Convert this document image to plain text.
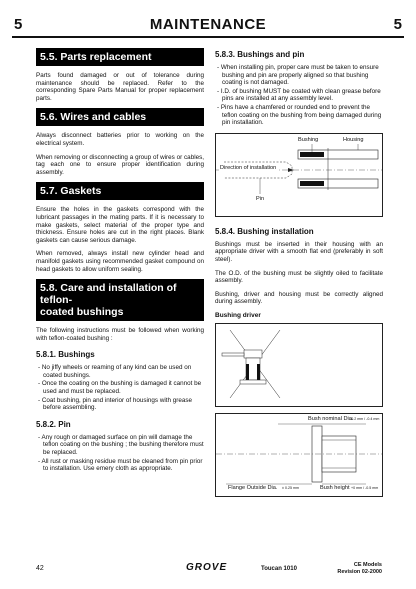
5	MAINTENANCE	5
5.5. Parts replacement

Parts found damaged or out of tolerance during maintenance should be replaced. Refer to the corresponding Spare Parts Manual for proper replacement parts.

5.6. Wires and cables

Always disconnect batteries prior to working on the electrical system.

When removing or disconnecting a group of wires or cables, tag each one to ensure proper identification during assembly.

5.7. Gaskets

Ensure the holes in the gaskets correspond with the lubricant passages in the mating parts. If it is necessary to make gaskets, select material of the proper type and thickness. Ensure holes are cut in the right places. Blank gaskets can cause serious damage.

When removed, always install new cylinder head and manifold gaskets using recommended gasket compound on head gaskets to allow uniform sealing.

5.8. Care and installation of teflon-
coated bushings

The following instructions must be followed when working with teflon-coated bushing :

5.8.1. Bushings
- No jiffy wheels or reaming of any kind can be used on coated bushings.
- Once the coating on the bushing is damaged it cannot be used and must be replaced.
- Coat bushing, pin and interior of housings with grease before assembling.
5.8.2. Pin
- Any rough or damaged surface on pin will damage the teflon coating on the bushing ; the bushing therefore must be replaced.
- All rust or masking residue must be cleaned from pin prior to installation. Use emery cloth as appropriate.
5.8.3. Bushings and pin
- When installing pin, proper care must be taken to ensure bushing and pin are properly aligned so that bushing coating is not damaged.
- I.D. of bushing MUST be coated with clean grease before pins are installed at any assembly level.
- Pins have a chamfered or rounded end to prevent the teflon coating on the bushing from being damaged during pin installation.
Bushing	Housing
Direction of installation
Pin
5.8.4. Bushing installation

Bushings must be inserted in their housing with an appropriate driver with a smooth flat end (preferably in soft steel).

The O.D. of the bushing must be slightly oiled to facilitate assembly.

Bushing, driver and housing must be correctly aligned during assembly.

Bushing driver
Bush nominal Dia.
-0.2 mm / -0.4 mm
Flange Outside Dia. ± 0.25 mm	Bush height +0 mm / -0.5 mm
42	GROVE	Toucan 1010
CE Models
Revision 02-2000
